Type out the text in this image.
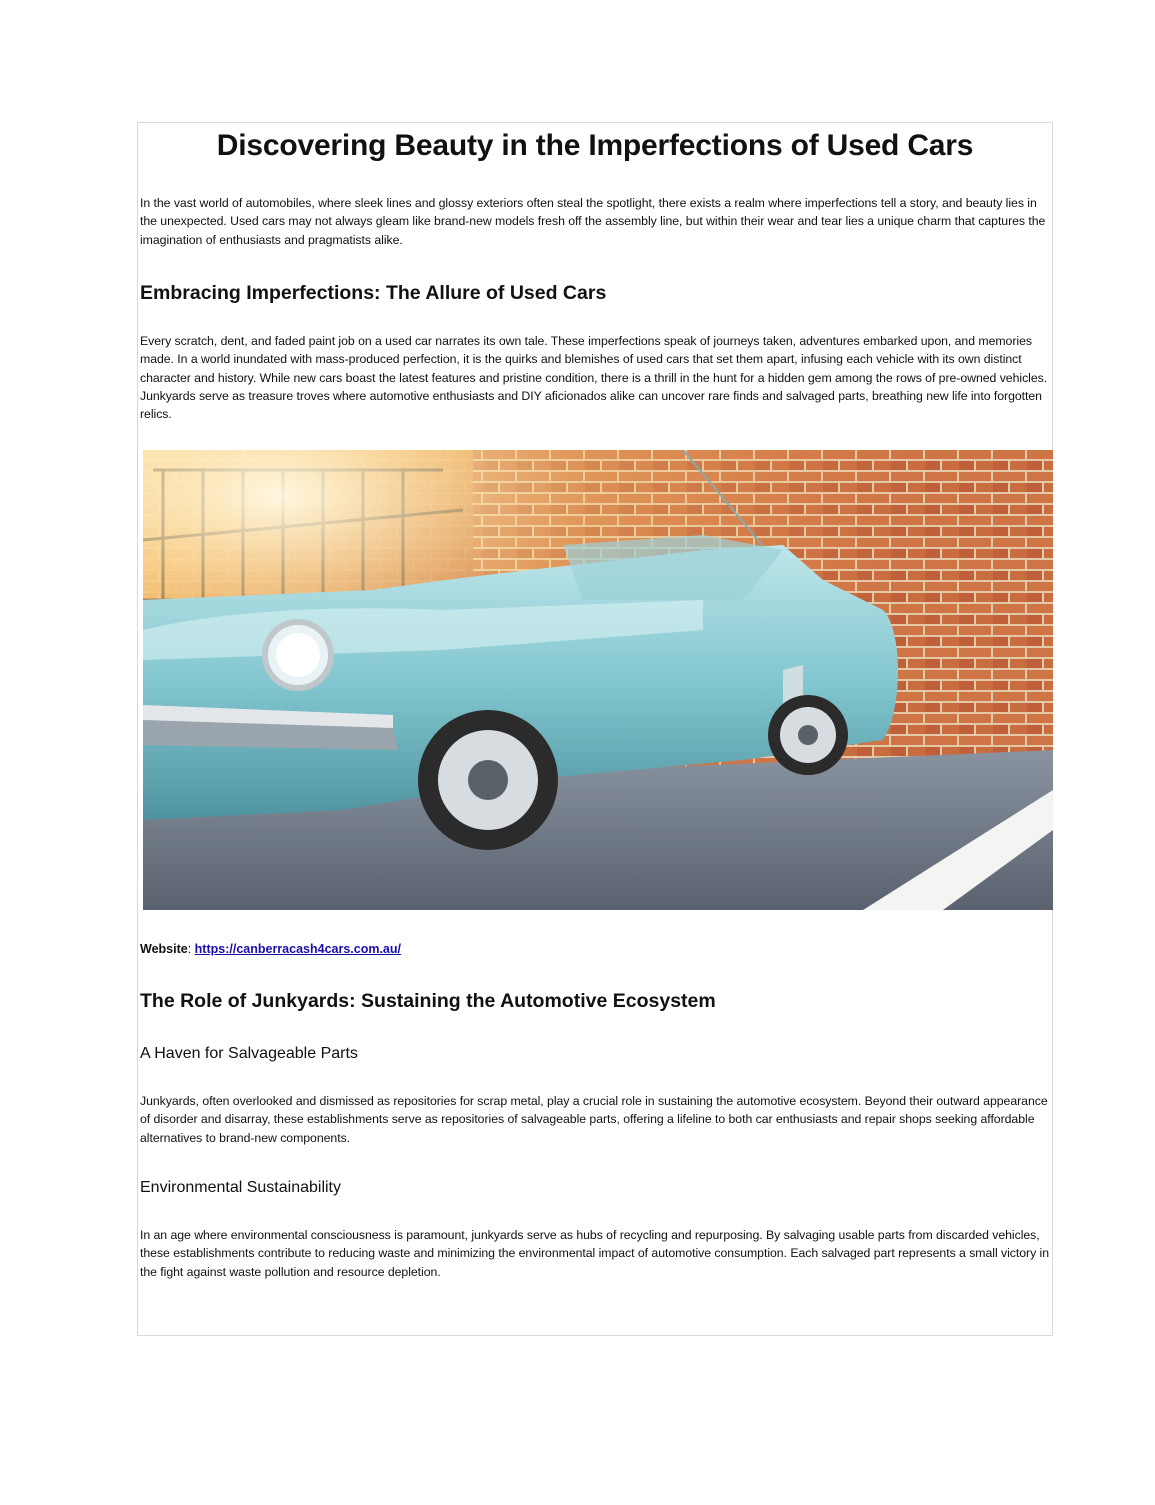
Discovering Beauty in the Imperfections of Used Cars

In the vast world of automobiles, where sleek lines and glossy exteriors often steal the spotlight, there exists a realm where imperfections tell a story, and beauty lies in the unexpected. Used cars may not always gleam like brand-new models fresh off the assembly line, but within their wear and tear lies a unique charm that captures the imagination of enthusiasts and pragmatists alike.

Embracing Imperfections: The Allure of Used Cars

Every scratch, dent, and faded paint job on a used car narrates its own tale. These imperfections speak of journeys taken, adventures embarked upon, and memories made. In a world inundated with mass-produced perfection, it is the quirks and blemishes of used cars that set them apart, infusing each vehicle with its own distinct character and history. While new cars boast the latest features and pristine condition, there is a thrill in the hunt for a hidden gem among the rows of pre-owned vehicles. Junkyards serve as treasure troves where automotive enthusiasts and DIY aficionados alike can uncover rare finds and salvaged parts, breathing new life into forgotten relics.

Website: https://canberracash4cars.com.au/
The Role of Junkyards: Sustaining the Automotive Ecosystem
A Haven for Salvageable Parts

Junkyards, often overlooked and dismissed as repositories for scrap metal, play a crucial role in sustaining the automotive ecosystem. Beyond their outward appearance of disorder and disarray, these establishments serve as repositories of salvageable parts, offering a lifeline to both car enthusiasts and repair shops seeking affordable alternatives to brand-new components.

Environmental Sustainability

In an age where environmental consciousness is paramount, junkyards serve as hubs of recycling and repurposing. By salvaging usable parts from discarded vehicles, these establishments contribute to reducing waste and minimizing the environmental impact of automotive consumption. Each salvaged part represents a small victory in the fight against waste pollution and resource depletion.
